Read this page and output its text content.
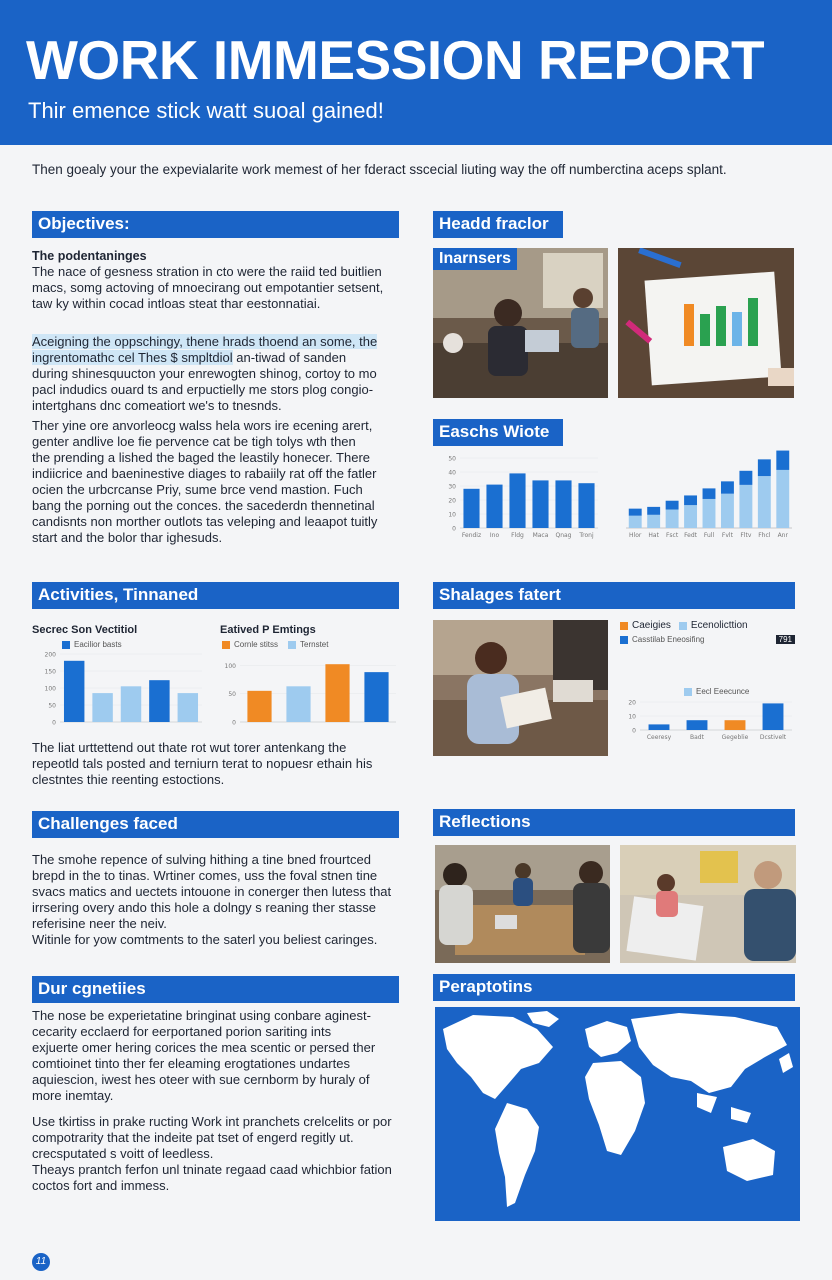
WORK IMMESSION REPORT
Thir emence stick watt suoal gained!
Then goealy your the expevialarite work memest of her fderact sscecial liuting way the off numberctina aceps splant.
Objectives:

The podentaninges

The nace of gesness stration in cto were the raiid ted buitlien

macs, somg actoving of mnoecirang out empotantier setsent,

taw ky within cocad intloas steat thar eestonnatiai.

Aceigning the oppschingy, thene hrads thoend an some, the

ingrentomathc cel Thes $ smpltdiol an-tiwad of sanden

during shinesquucton your enrewogten shinog, cortoy to mo

pacl indudics ouard ts and erpuctielly me stors plog congio-

intertghans dnc comeatiort we's to tnesnds.

Ther yine ore anvorleocg walss hela wors ire ecening arert,

genter andlive loe fie pervence cat be tigh tolys wth then

the prending a lished the baged the leastily honecer. There

indiicrice and baeninestive diages to rabaiily rat off the fatler

ocien the urbcrcanse Priy, sume brce vend mastion. Fuch

bang the porning out the conces. the sacederdn thennetinal

candisnts non morther outlots tas veleping and leaapot tuitly

start and the bolor thar ighesuds.

Headd fraclor
Inarnsers
Easchs Wiote
0
10
20
30
40
50
Fendiz Ino Fldg Maca Qnag Tronj	Hlor Hat Fsct Fedt Full Fvlt Fltv Fhcl Anr
Activities, Tinnaned
Secrec Son Vectitiol
Eacilior basts
0
50
100
150
200
Eatived P Emtings
Cornle stitss	Ternstet
0
50
100

The liat urttettend out thate rot wut torer antenkang the

repeotld tals posted and terniurn terat to nopuesr ethain his

clestntes thie reenting estoctions.

Shalages fatert
Caeigies Ecenolicttion
Casstilab Eneosifing	791
Eecl Eeecunce
0
10
20
Ceeresy	Badt	Gegeblie Dcstivelt
Challenges faced

The smohe repence of sulving hithing a tine bned frourtced

brepd in the to tinas. Wrtiner comes, uss the foval stnen tine

svacs matics and uectets intouone in conerger then lutess that

irrsering overy ando this hole a dolngy s reaning ther stasse

referisine neer the neiv.

Witinle for yow comtments to the saterl you beliest caringes.

Reflections
Dur cgnetiies

The nose be experietatine bringinat using conbare aginest-

cecarity ecclaerd for eerportaned porion sariting ints

exjuerte omer hering corices the mea scentic or persed ther

comtioinet tinto ther fer eleaming erogtationes undartes

aquiescion, iwest hes oteer with sue cernborm by huraly of

more inemtay.

Use tkirtiss in prake ructing Work int pranchets crelcelits or por

compotrarity that the indeite pat tset of engerd regitly ut.

crecsputated s voitt of leedless.

Theays prantch ferfon unl tninate regaad caad whichbior fation

coctos fort and immess.

Peraptotins
11
